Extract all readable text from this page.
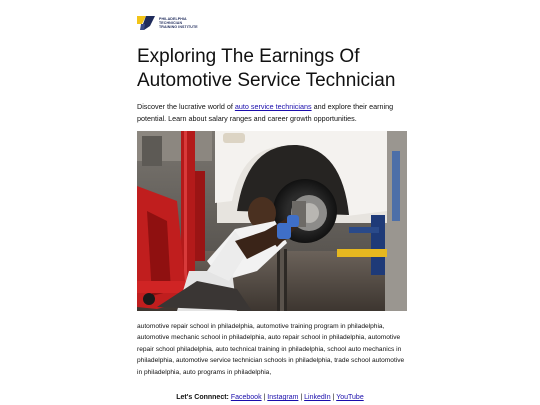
PHILADELPHIA
TECHNICIAN
TRAINING INSTITUTE
Exploring The Earnings Of
Automotive Service Technician

Discover the lucrative world of auto service technicians and explore their earning potential. Learn about salary ranges and career growth opportunities.

automotive repair school in philadelphia, automotive training program in philadelphia, automotive mechanic school in philadelphia, auto repair school in philadelphia, automotive repair school philadelphia, auto technical training in philadelphia, school auto mechanics in philadelphia, automotive service technician schools in philadelphia, trade school automotive in philadelphia, auto programs in philadelphia,

Let's Connnect: Facebook | Instagram | LinkedIn | YouTube
